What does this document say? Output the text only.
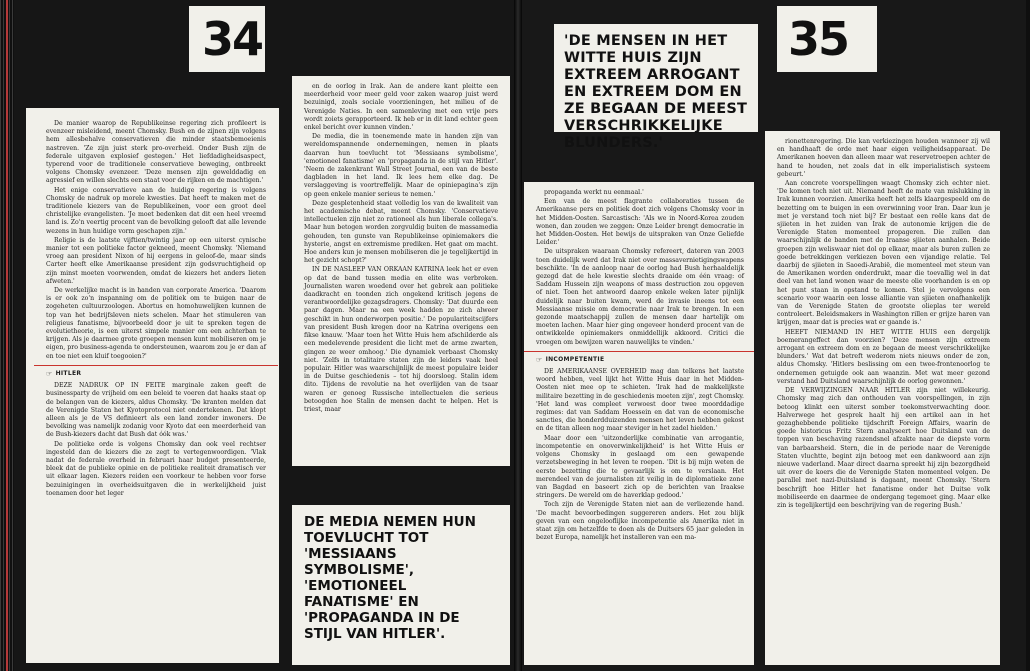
34

De manier waarop de Republikeinse regering zich profileert is evenzeer misleidend, meent Chomsky. Bush en de zijnen zijn volgens hem allesbehalve conservatieven die minder staatsbemoeienis nastreven. 'Ze zijn juist sterk pro-overheid. Onder Bush zijn de federale uitgaven explosief gestegen.' Het liefdadigheidsaspect, typerend voor de traditionele conservatieve beweging, ontbreekt volgens Chomsky evenzeer. 'Deze mensen zijn gewelddadig en agressief en willen slechts een staat voor de rijken en de machtigen.'

Het enige conservatieve aan de huidige regering is volgens Chomsky de nadruk op morele kwesties. Dat heeft te maken met de traditionele kiezers van de Republikeinen, voor een groot deel christelijke evangelisten. 'Je moet bedenken dat dit een heel vreemd land is. Zo'n veertig procent van de bevolking gelooft dat alle levende wezens in hun huidige vorm geschapen zijn.'

Religie is de laatste vijftien/twintig jaar op een uiterst cynische manier tot een politieke factor gekneed, meent Chomsky. 'Niemand vroeg aan president Nixon of hij eergens in geloof-de, maar sinds Carter heeft elke Amerikaanse president zijn godsvruchtigheid op zijn minst moeten voorwenden, omdat de kiezers het anders lieten afweten.'

De werkelijke macht is in handen van corporate America. 'Daarom is er ook zo'n inspanning om de politiek om te buigen naar de zogeheten cultuurzoologen. Abortus en homohuwelijken kunnen de top van het bedrijfsleven niets schelen. Maar het stimuleren van religieus fanatisme, bijvoorbeeld door je uit te spreken tegen de evolutietheorie, is een uiterst simpele manier om een achterban te krijgen. Als je daarmee grote groepen mensen kunt mobiliseren om je eigen, pro business-agenda te ondersteunen, waarom zou je er dan af en toe niet een kluif toegooien?'

☞ HITLER

DEZE NADRUK OP IN FEITE marginale zaken geeft de businessparty de vrijheid om een beleid te voeren dat haaks staat op de belangen van de kiezers, aldus Chomsky. 'De kranten melden dat de Verenigde Staten het Kyotoprotocol niet ondertekenen. Dat klopt alleen als je de VS definieert als een land zonder inwoners. De bevolking was namelijk zodanig voor Kyoto dat een meerderheid van de Bush-kiezers dacht dat Bush dat óók was.'

De politieke orde is volgens Chomsky dan ook veel rechtser ingesteld dan de kiezers die ze zegt te vertegenwoordigen. 'Vlak nadat de federale overheid in februari haar budget presenteerde, bleek dat de publieke opinie en de politieke realiteit dramatisch ver uit elkaar lagen. Kiezers reiden een voorkeur te hebben voor forse bezuinigingen in overheidsuitgaven die in werkelijkheid juist toenamen door het leger

en de oorlog in Irak. Aan de andere kant pleitte een meerderheid voor meer geld voor zaken waarop juist werd bezuinigd, zoals sociale voorzieningen, het milieu of de Verenigde Naties. In een samenleving met een vrije pers wordt zoiets gerapporteerd. Ik heb er in dit land echter geen enkel bericht over kunnen vinden.'

De media, die in toenemende mate in handen zijn van wereldomspannende ondernemingen, nemen in plaats daarvan hun toevlucht tot 'Messiaans symbolisme', 'emotioneel fanatisme' en 'propaganda in de stijl van Hitler'. 'Neem de zakenkrant Wall Street Journal, een van de beste dagbladen in het land. Ik lees hem elke dag. De verslaggeving is voortreffelijk. Maar de opiniepagina's zijn op geen enkele manier serieus te nemen.'

Deze gespletenheid staat volledig los van de kwaliteit van het academische debat, meent Chomsky. 'Conservatieve intellectuelen zijn niet zo rationeel als hun liberale collega's. Maar hun betogen worden zorgvuldig buiten de massamedia gehouden, ten gunste van Republikeinse opiniemakers die hysterie, angst en extremisme prediken. Het gaat om macht. Hoe anders kun je mensen mobiliseren die je tegelijkertijd in het gezicht schopt?'

IN DE NASLEEP VAN ORKAAN KATRINA leek het er even op dat de band tussen media en elite was verbroken. Journalisten waren woedend over het gebrek aan politieke daadkracht en toonden zich ongekend kritisch jegens de verantwoordelijke gezagsdragers. Chomsky: 'Dat duurde een paar dagen. Maar na een week hadden ze zich alweer geschikt in hun onderworpen positie.' De populariteitscijfers van president Bush kregen door na Katrina overigens een fikse knauw. 'Maar toen het Witte Huis hem afschilderde als een medelevende president die licht met de arme zwarten, gingen ze weer omhoog.' Die dynamiek verbaast Chomsky niet. 'Zelfs in totalitaire staten zijn de leiders vaak heel populair. Hitler was waarschijnlijk de meest populaire leider in de Duitse geschiedenis – tot hij doorsloeg. Stalin idem dito. Tijdens de revolutie na het overlijden van de tsaar waren er genoeg Russische intellectuelen die serieus betoogden hoe Stalin de mensen dacht te helpen. Het is triest, maar

DE MEDIA NEMEN HUN TOEVLUCHT TOT 'MESSIAANS SYMBOLISME', 'EMOTIONEEL FANATISME' EN 'PROPAGANDA IN DE STIJL VAN HITLER'.
'DE MENSEN IN HET WITTE HUIS ZIJN EXTREEM ARROGANT EN EXTREEM DOM EN ZE BEGAAN DE MEEST VERSCHRIKKELIJKE BLUNDERS.'
35

propaganda werkt nu eenmaal.'

Een van de meest flagrante collaboraties tussen de Amerikaanse pers en politiek doet zich volgens Chomsky voor in het Midden-Oosten. Sarcastisch: 'Als we in Noord-Korea zouden wonen, dan zouden we zeggen: Onze Leider brengt democratie in het Midden-Oosten. Het bewijs de uitspraken van Onze Geliefde Leider.'

De uitspraken waaraan Chomsky refereert, dateren van 2003 toen duidelijk werd dat Irak niet over massavernietigingswapens beschikte. 'In de aanloop naar de oorlog had Bush herhaaldelijk gezegd dat de hele kwestie slechts draaide om één vraag: of Saddam Hussein zijn weapons of mass destruction zou opgeven of niet. Toen het antwoord daarop enkele weken later pijnlijk duidelijk naar buiten kwam, werd de invasie ineens tot een Messiaanse missie om democratie naar Irak te brengen. In een gezonde maatschappij zullen de mensen daar hartelijk om moeten lachen. Maar hier ging ongeveer honderd procent van de ontwikkelde opiniemakers onmiddellijk akkoord. Critici die vroegen om bewijzen waren nauwelijks te vinden.'

☞ INCOMPETENTIE

DE AMERIKAANSE OVERHEID mag dan telkens het laatste woord hebben, veel lijkt het Witte Huis daar in het Midden-Oosten niet mee op te schieten. 'Irak had de makkelijkste militaire bezetting in de geschiedenis moeten zijn', zegt Chomsky. 'Het land was compleet verwoest door twee moorddadige regimes: dat van Saddam Hoessein en dat van de economische sancties, die honderdduizenden mensen het leven hebben gekost en de titan alleen nog maar steviger in het zadel hielden.'

Maar door een 'uitzonderlijke combinatie van arrogantie, incompetentie en onoverwinkelijkheid' is het Witte Huis er volgens Chomsky in geslaagd om een gewapende verzetsbeweging in het leven te roepen. 'Dit is bij mijn weten de eerste bezetting die te gevaarlijk is om te verslaan. Het merendeel van de journalisten zit veilig in de diplomatieke zone van Bagdad en baseert zich op de berichten van Iraakse stringers. De wereld om de haverklap gedood.'

Toch zijn de Verenigde Staten niet aan de verliezende hand. 'De macht bevoorbedingen suggereren anders. Het zou blijk geven van een ongelooflijke incompetentie als Amerika niet in staat zijn om hetzelfde te doen als de Duitsers 65 jaar geleden in bezet Europa, namelijk het installeren van een ma-

rionettenregering. Die kan verkiezingen houden wanneer zij wil en handhaaft de orde met haar eigen veiligheidsapparaat. De Amerikanen hoeven dan alleen maar wat reservetroepen achter de hand te houden, net zoals dat in elk imperialistisch systeem gebeurt.'

Aan concrete voorspellingen waagt Chomsky zich echter niet. 'De komen toch niet uit. Niemand heeft de mate van mislukking in Irak kunnen voorzien. Amerika heeft het zelfs klaargespeeld om de bezetting om te buigen in een overwinning voor Iran. Daar kun je met je verstand toch niet bij? Er bestaat een reële kans dat de sjiieten in het zuiden van Irak de autonomie krijgen die de Verenigde Staten momenteel propageren. Die zullen dan waarschijnlijk de banden met de Iraanse sjiieten aanhalen. Beide groepen zijn weliswaar niet dol op elkaar, maar als buren zullen ze goede betrekkingen verkiezen boven een vijandige relatie. Tel daarbij de sjiieten in Saoedi-Arabië, die momenteel met steun van de Amerikanen worden onderdrukt, maar die toevallig wel in dat deel van het land wonen waar de meeste olie voorhanden is en op het punt staan in opstand te komen. Stel je vervolgens een scenario voor waarin een losse alliantie van sjiieten onafhankelijk van de Verenigde Staten de grootste olieplas ter wereld controleert. Beleidsmakers in Washington rillen er grijze haren van krijgen, maar dat is precies wat er gaande is.'

HEEFT NIEMAND IN HET WITTE HUIS een dergelijk boemerangeffect dan voorzien? 'Deze mensen zijn extreem arrogant en extreem dom en ze begaan de meest verschrikkelijke blunders.' Wat dat betreft wederom niets nieuws onder de zon, aldus Chomsky. 'Hitlers beslissing om een twee-frontenoorlog te ondernemen getuigde ook aan waanzin. Met wat meer gezond verstand had Duitsland waarschijnlijk de oorlog gewonnen.'

DE VERWIJZINGEN NAAR HITLER zijn niet willekeurig. Chomsky mag zich dan onthouden van voorspellingen, in zijn betoog klinkt een uiterst somber toekomstverwachting door. Halverwege het gesprek haalt hij een artikel aan in het gezaghebbende politieke tijdschrift Foreign Affairs, waarin de goede historicus Fritz Stern analyseert hoe Duitsland van de toppen van beschaving razendsnel afzakte naar de diepste vorm van barbaarsheid. Stern, die in de periode naar de Verenigde Staten vluchtte, begint zijn betoog met een dankwoord aan zijn nieuwe vaderland. Maar direct daarna spreekt hij zijn bezorgdheid uit over de koers die de Verenigde Staten momenteel volgen. De parallel met nazi-Duitsland is dagaant, meent Chomsky. 'Stern beschrijft hoe Hitler het fanatisme onder het Duitse volk mobiliseerde en daarmee de ondergang tegemoet ging. Maar elke zin is tegelijkertijd een beschrijving van de regering Bush.'
